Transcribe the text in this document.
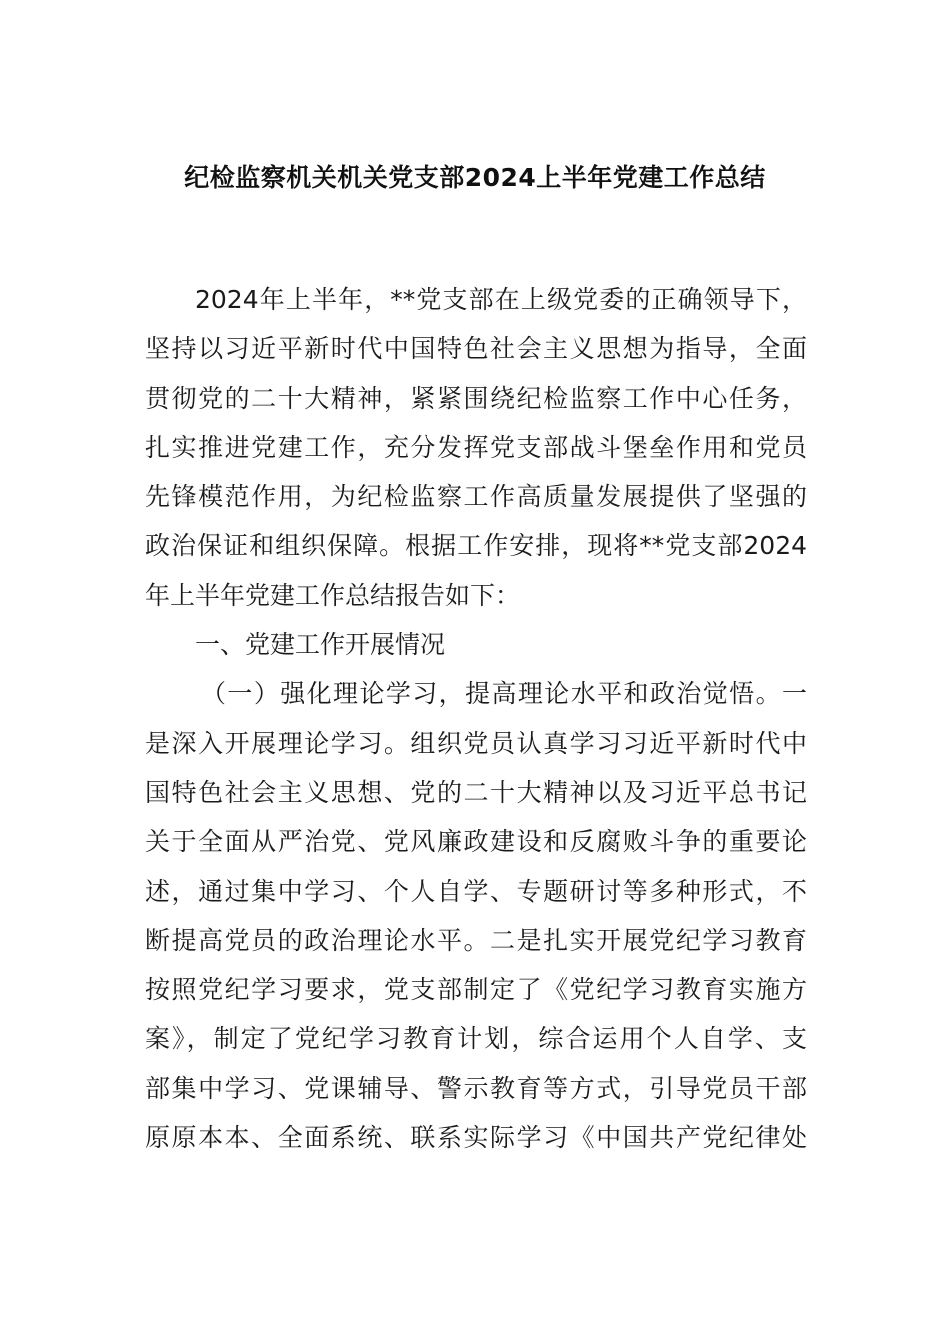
纪检监察机关机关党支部2024上半年党建工作总结
2024年上半年，**党支部在上级党委的正确领导下，
坚持以习近平新时代中国特色社会主义思想为指导，全面
贯彻党的二十大精神，紧紧围绕纪检监察工作中心任务，
扎实推进党建工作，充分发挥党支部战斗堡垒作用和党员
先锋模范作用，为纪检监察工作高质量发展提供了坚强的
政治保证和组织保障。根据工作安排，现将**党支部2024
年上半年党建工作总结报告如下：
一、党建工作开展情况
（一）强化理论学习，提高理论水平和政治觉悟。一
是深入开展理论学习。组织党员认真学习习近平新时代中
国特色社会主义思想、党的二十大精神以及习近平总书记
关于全面从严治党、党风廉政建设和反腐败斗争的重要论
述，通过集中学习、个人自学、专题研讨等多种形式，不
断提高党员的政治理论水平。二是扎实开展党纪学习教育
按照党纪学习要求，党支部制定了《党纪学习教育实施方
案》，制定了党纪学习教育计划，综合运用个人自学、支
部集中学习、党课辅导、警示教育等方式，引导党员干部
原原本本、全面系统、联系实际学习《中国共产党纪律处
